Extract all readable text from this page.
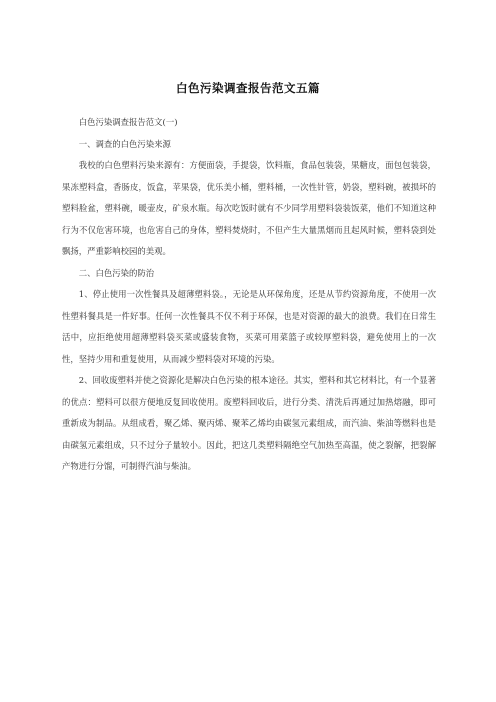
白色污染调查报告范文五篇

白色污染调查报告范文(一)

一、调查的白色污染来源

我校的白色塑料污染来源有：方便面袋，手提袋，饮料瓶，食品包装袋，果糖皮，面包包装袋，果冻塑料盒，香肠皮，饭盒，苹果袋，优乐美小桶，塑料桶，一次性针管，奶袋，塑料碗，被损坏的塑料脸盆，塑料碗，暖壶皮，矿泉水瓶。每次吃饭时就有不少同学用塑料袋装饭菜，他们不知道这种行为不仅危害环境，也危害自己的身体，塑料焚烧时，不但产生大量黑烟而且起风时候，塑料袋到处飘扬，严重影响校园的美观。

二、白色污染的防治

1、停止使用一次性餐具及超薄塑料袋。，无论是从环保角度，还是从节约资源角度，不使用一次性塑料餐具是一件好事。任何一次性餐具不仅不利于环保，也是对资源的最大的浪费。我们在日常生活中，应拒绝使用超薄塑料袋买菜或盛装食物，买菜可用菜篮子或较厚塑料袋，避免使用上的一次性，坚持少用和重复使用，从而减少塑料袋对环境的污染。

2、回收废塑料并使之资源化是解决白色污染的根本途径。其实，塑料和其它材料比，有一个显著的优点：塑料可以很方便地反复回收使用。废塑料回收后，进行分类、清洗后再通过加热熔融，即可重新成为制品。从组成看，聚乙烯、聚丙烯、聚苯乙烯均由碳氢元素组成，而汽油、柴油等燃料也是由碳氢元素组成，只不过分子量较小。因此，把这几类塑料隔绝空气加热至高温，使之裂解，把裂解产物进行分馏，可制得汽油与柴油。
